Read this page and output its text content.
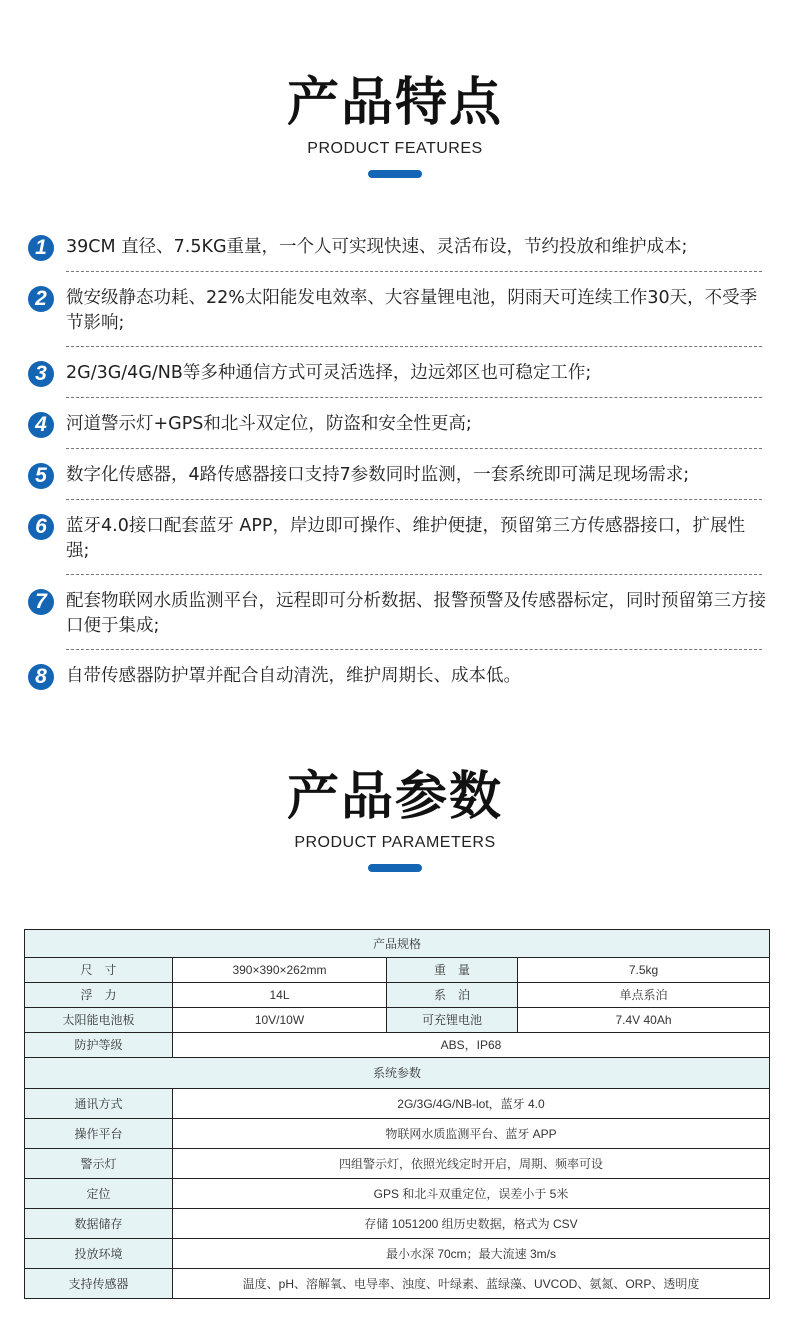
产品特点
PRODUCT FEATURES
1	39CM 直径、7.5KG重量，一个人可实现快速、灵活布设，节约投放和维护成本;
2	微安级静态功耗、22%太阳能发电效率、大容量锂电池，阴雨天可连续工作30天，不受季节影响;
3	2G/3G/4G/NB等多种通信方式可灵活选择，边远郊区也可稳定工作;
4	河道警示灯+GPS和北斗双定位，防盗和安全性更高;
5	数字化传感器，4路传感器接口支持7参数同时监测，一套系统即可满足现场需求;
6	蓝牙4.0接口配套蓝牙 APP，岸边即可操作、维护便捷，预留第三方传感器接口，扩展性强;
7	配套物联网水质监测平台，远程即可分析数据、报警预警及传感器标定，同时预留第三方接口便于集成;
8	自带传感器防护罩并配合自动清洗，维护周期长、成本低。
产品参数
PRODUCT PARAMETERS
产品规格			
尺　寸	390×390×262mm	重　量	7.5kg
浮　力	14L	系　泊	单点系泊
太阳能电池板	10V/10W	可充锂电池	7.4V 40Ah
防护等级	ABS，IP68		
系统参数			
通讯方式	2G/3G/4G/NB-lot，蓝牙 4.0		
操作平台	物联网水质监测平台、蓝牙 APP		
警示灯	四组警示灯，依照光线定时开启，周期、频率可设		
定位	GPS 和北斗双重定位，误差小于 5米		
数据储存	存储 1051200 组历史数据，格式为 CSV		
投放环境	最小水深 70cm；最大流速 3m/s		
支持传感器	温度、pH、溶解氧、电导率、浊度、叶绿素、蓝绿藻、UVCOD、氨氮、ORP、透明度		
